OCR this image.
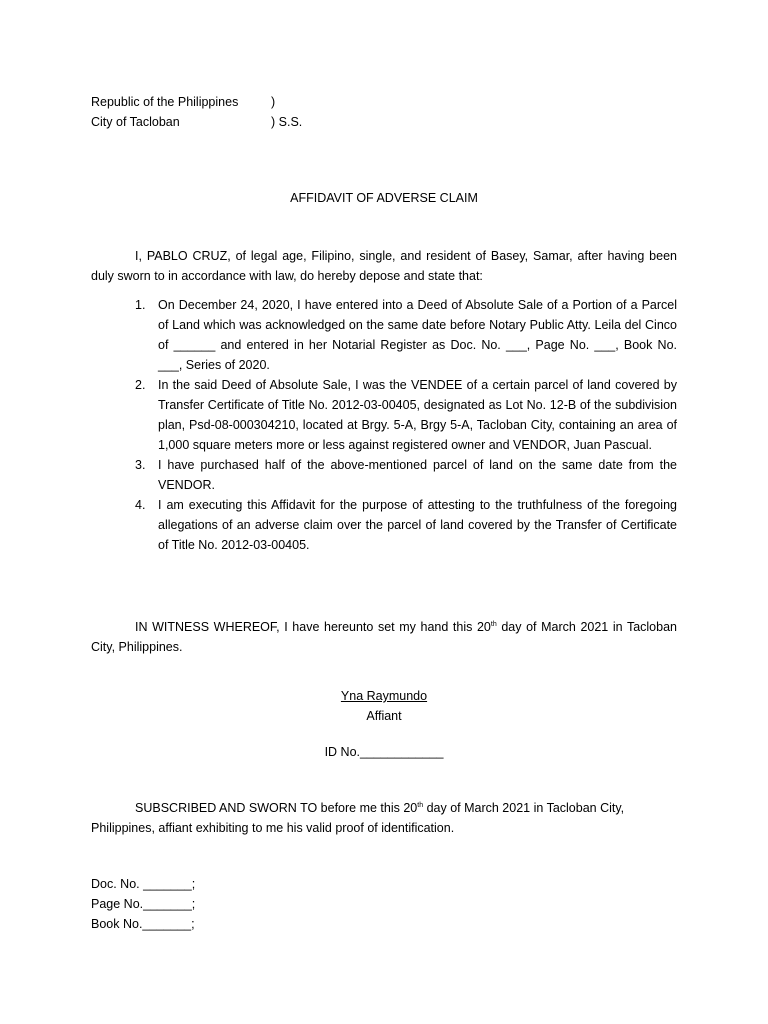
Republic of the Philippines	)
City of Tacloban	) S.S.
AFFIDAVIT OF ADVERSE CLAIM
I, PABLO CRUZ, of legal age, Filipino, single, and resident of Basey, Samar, after having been duly sworn to in accordance with law, do hereby depose and state that:
1. On December 24, 2020, I have entered into a Deed of Absolute Sale of a Portion of a Parcel of Land which was acknowledged on the same date before Notary Public Atty. Leila del Cinco of ______ and entered in her Notarial Register as Doc. No. ___, Page No. ___, Book No. ___, Series of 2020.
2. In the said Deed of Absolute Sale, I was the VENDEE of a certain parcel of land covered by Transfer Certificate of Title No. 2012-03-00405, designated as Lot No. 12-B of the subdivision plan, Psd-08-000304210, located at Brgy. 5-A, Brgy 5-A, Tacloban City, containing an area of 1,000 square meters more or less against registered owner and VENDOR, Juan Pascual.
3. I have purchased half of the above-mentioned parcel of land on the same date from the VENDOR.
4. I am executing this Affidavit for the purpose of attesting to the truthfulness of the foregoing allegations of an adverse claim over the parcel of land covered by the Transfer of Certificate of Title No. 2012-03-00405.
IN WITNESS WHEREOF, I have hereunto set my hand this 20th day of March 2021 in Tacloban City, Philippines.
Yna Raymundo
Affiant
ID No.____________
SUBSCRIBED AND SWORN TO before me this 20th day of March 2021 in Tacloban City, Philippines, affiant exhibiting to me his valid proof of identification.
Doc. No. _______;
Page No._______;
Book No._______;
